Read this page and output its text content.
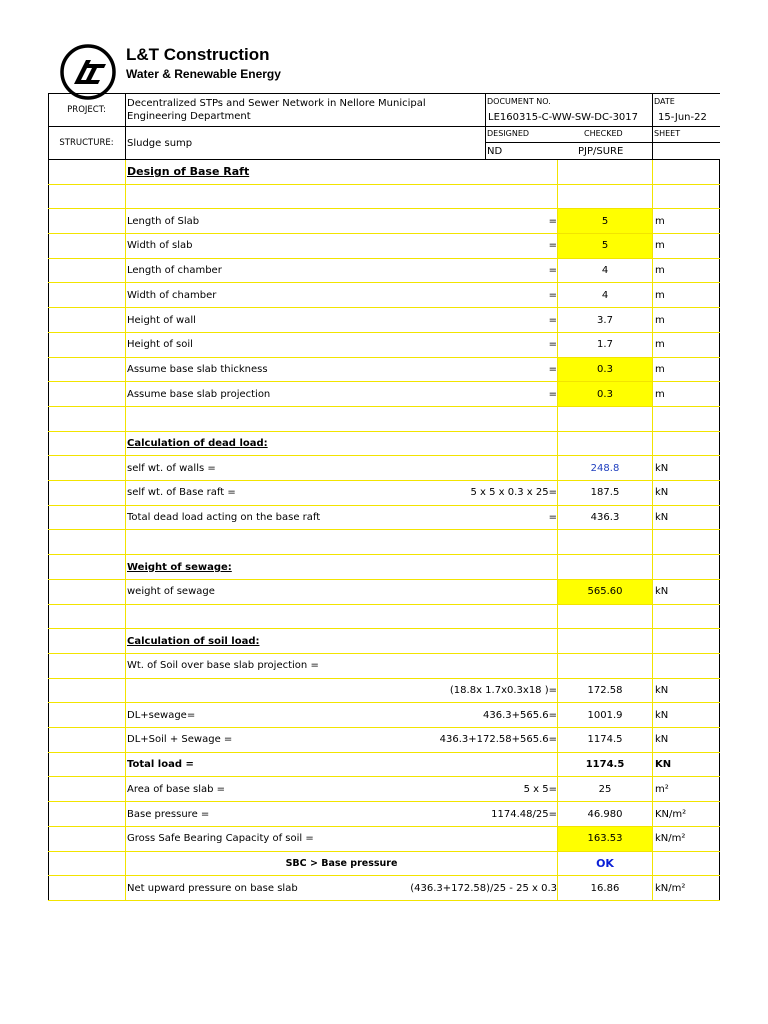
L&T Construction
Water & Renewable Energy
PROJECT:
Decentralized STPs and Sewer Network in Nellore Municipal Engineering Department
STRUCTURE:	Sludge sump
DOCUMENT NO.
LE160315-C-WW-SW-DC-3017
DATE
15-Jun-22
DESIGNED
ND
CHECKED
PJP/SURE
SHEET
Design of Base Raft
Length of Slab	=	5	m
Width of slab	=	5	m
Length of chamber	=	4	m
Width of chamber	=	4	m
Height of wall	=	3.7	m
Height of soil	=	1.7	m
Assume base slab thickness	=	0.3	m
Assume base slab projection	=	0.3	m
Calculation of dead load:
self wt. of walls =	248.8	kN
self wt. of Base raft =	5 x 5 x 0.3 x 25=	187.5	kN
Total dead load acting on the base raft	=	436.3	kN
Weight of sewage:
weight of sewage	565.60	kN
Calculation of soil load:
Wt. of Soil over base slab projection =
(18.8x 1.7x0.3x18 )=	172.58	kN
DL+sewage=	436.3+565.6=	1001.9	kN
DL+Soil + Sewage =	436.3+172.58+565.6=	1174.5	kN
Total load =	1174.5	KN
Area of base slab =	5 x 5=	25	m²
Base pressure =	1174.48/25=	46.980	KN/m²
Gross Safe Bearing Capacity of soil =	163.53	kN/m²
SBC > Base pressure	OK
Net upward pressure on base slab	(436.3+172.58)/25 - 25 x 0.3	16.86	kN/m²
